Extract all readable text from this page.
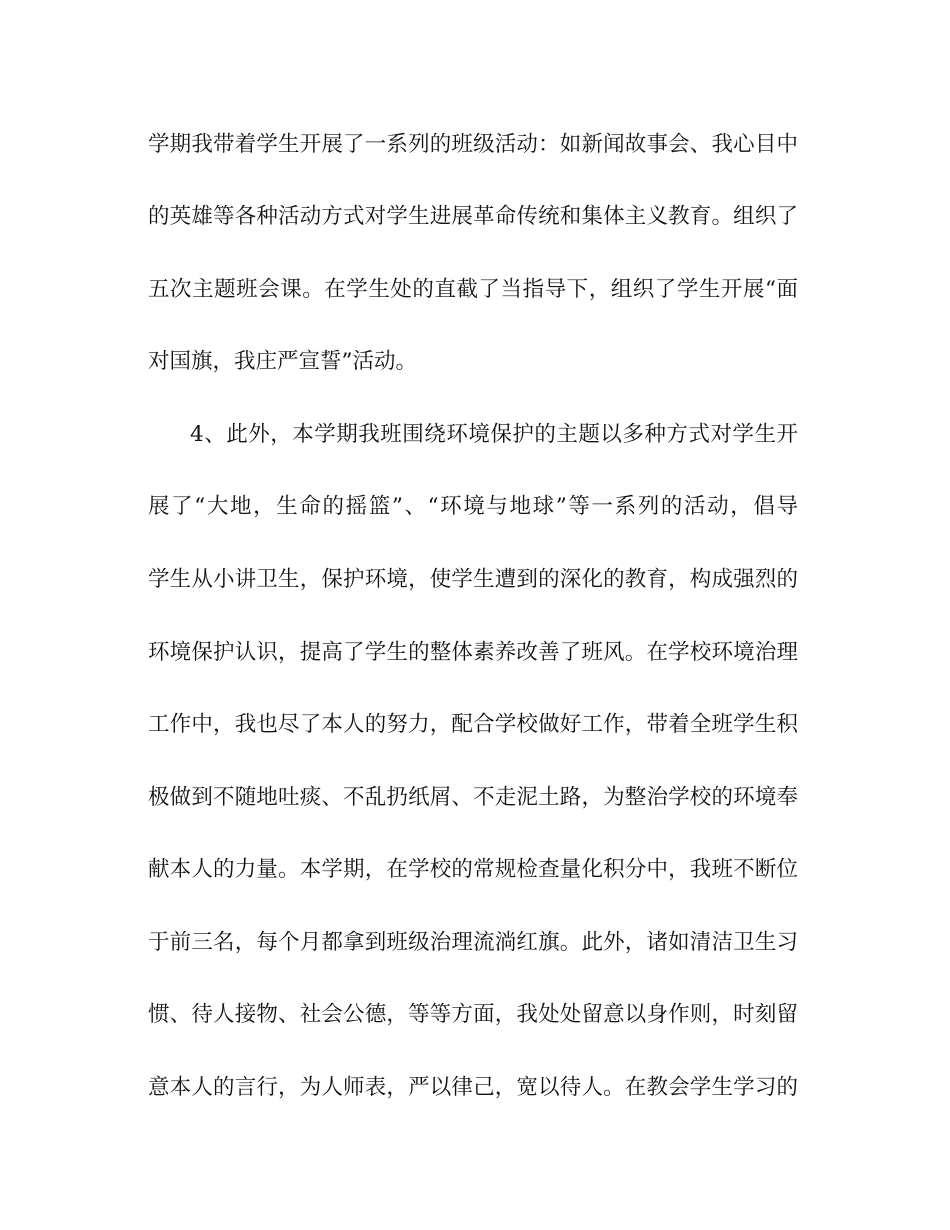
学期我带着学生开展了一系列的班级活动：如新闻故事会、我心目中
的英雄等各种活动方式对学生进展革命传统和集体主义教育。组织了
五次主题班会课。在学生处的直截了当指导下，组织了学生开展“面
对国旗，我庄严宣誓”活动。
4、此外，本学期我班围绕环境保护的主题以多种方式对学生开
展了“大地，生命的摇篮”、“环境与地球”等一系列的活动，倡导
学生从小讲卫生，保护环境，使学生遭到的深化的教育，构成强烈的
环境保护认识，提高了学生的整体素养改善了班风。在学校环境治理
工作中，我也尽了本人的努力，配合学校做好工作，带着全班学生积
极做到不随地吐痰、不乱扔纸屑、不走泥土路，为整治学校的环境奉
献本人的力量。本学期，在学校的常规检查量化积分中，我班不断位
于前三名，每个月都拿到班级治理流淌红旗。此外，诸如清洁卫生习
惯、待人接物、社会公德，等等方面，我处处留意以身作则，时刻留
意本人的言行，为人师表，严以律己，宽以待人。在教会学生学习的
